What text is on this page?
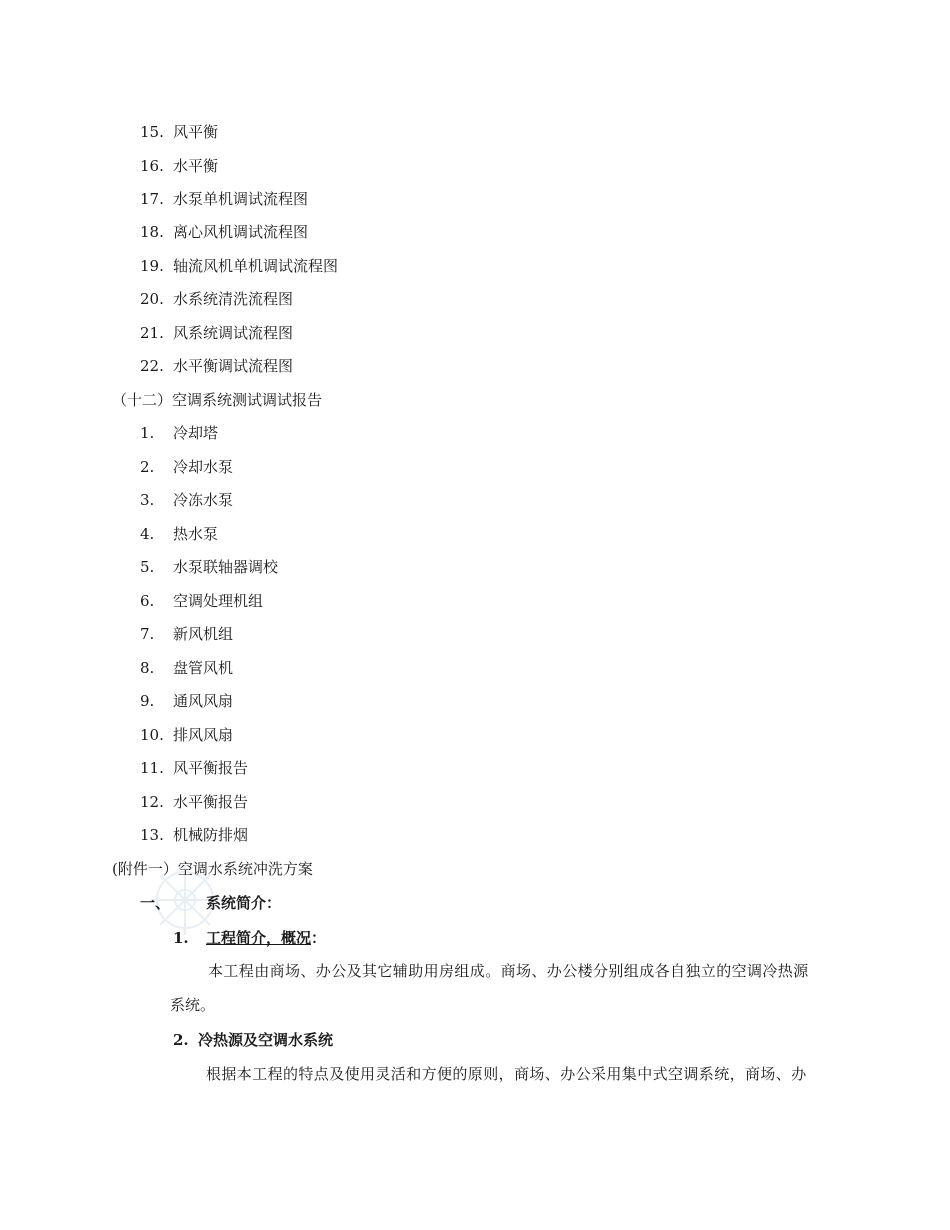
15. 风平衡
16. 水平衡
17. 水泵单机调试流程图
18. 离心风机调试流程图
19. 轴流风机单机调试流程图
20. 水系统清洗流程图
21. 风系统调试流程图
22. 水平衡调试流程图
（十二）空调系统测试调试报告
1. 冷却塔
2. 冷却水泵
3. 冷冻水泵
4. 热水泵
5. 水泵联轴器调校
6. 空调处理机组
7. 新风机组
8. 盘管风机
9. 通风风扇
10. 排风风扇
11. 风平衡报告
12. 水平衡报告
13. 机械防排烟
(附件一）空调水系统冲洗方案
一、 系统简介：
1. 工程简介，概况：
本工程由商场、办公及其它辅助用房组成。商场、办公楼分别组成各自独立的空调冷热源
系统。
2. 冷热源及空调水系统
根据本工程的特点及使用灵活和方便的原则，商场、办公采用集中式空调系统，商场、办
